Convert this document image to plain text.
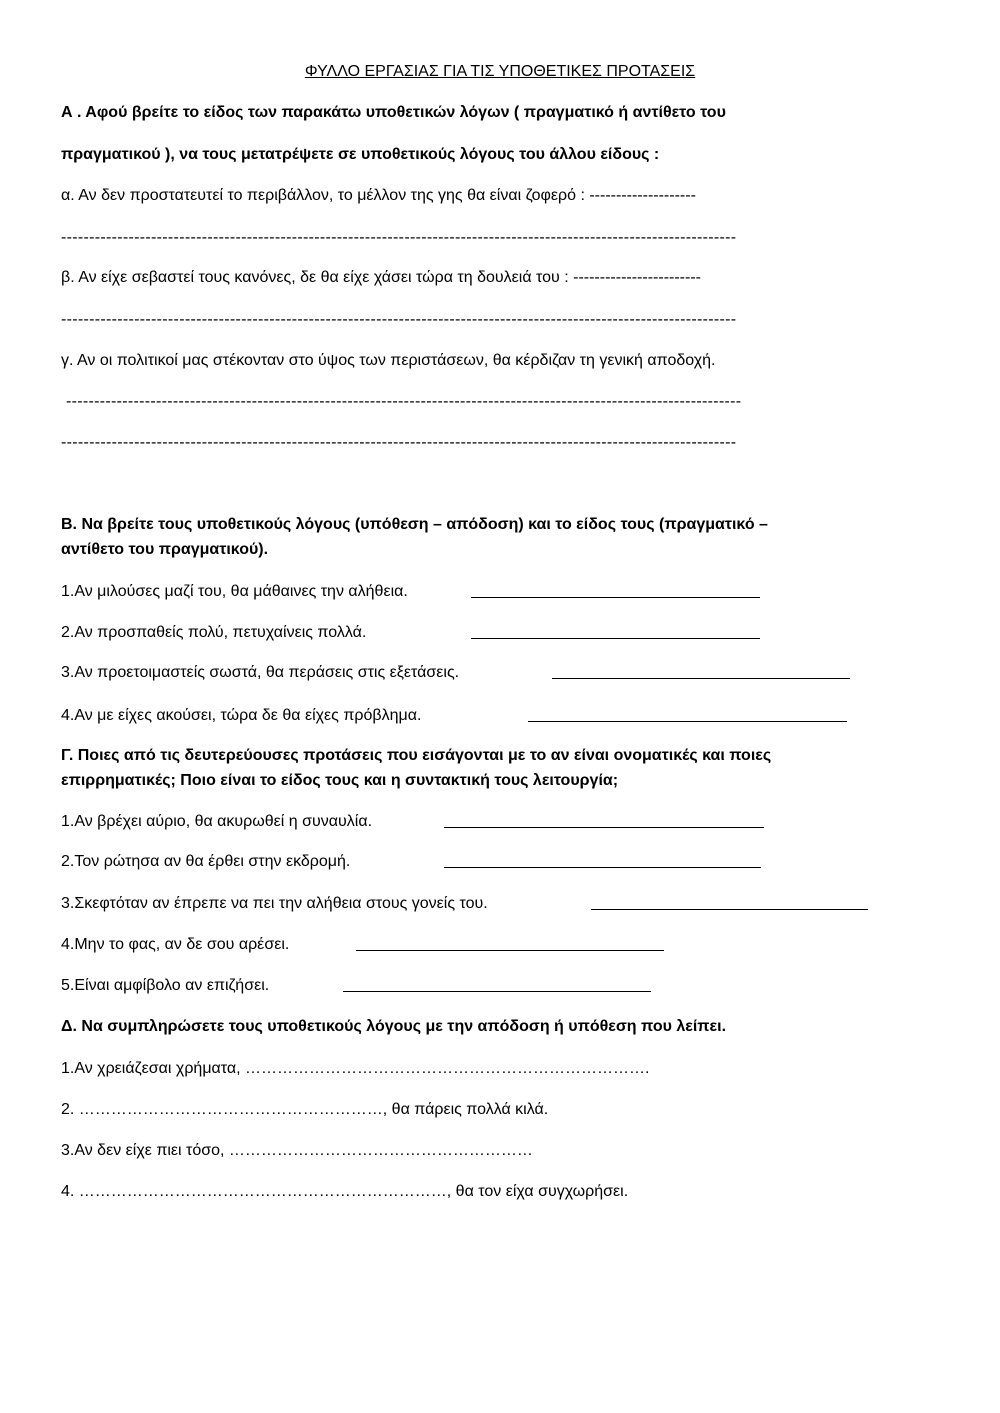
ΦΥΛΛΟ ΕΡΓΑΣΙΑΣ ΓΙΑ ΤΙΣ ΥΠΟΘΕΤΙΚΕΣ ΠΡΟΤΑΣΕΙΣ
Α . Αφού βρείτε το είδος των παρακάτω υποθετικών λόγων ( πραγματικό ή αντίθετο του
πραγματικού ), να τους μετατρέψετε σε υποθετικούς λόγους του άλλου είδους :
α. Αν δεν προστατευτεί το περιβάλλον, το μέλλον της γης θα είναι ζοφερό : --------------------
------------------------------------------------------------------------------------------------------------------------
β. Αν είχε σεβαστεί τους κανόνες, δε θα είχε χάσει τώρα τη δουλειά του : ------------------------
------------------------------------------------------------------------------------------------------------------------
γ. Αν οι πολιτικοί μας στέκονταν στο ύψος των περιστάσεων, θα κέρδιζαν τη γενική αποδοχή.
------------------------------------------------------------------------------------------------------------------------
------------------------------------------------------------------------------------------------------------------------
Β. Να βρείτε τους υποθετικούς λόγους (υπόθεση – απόδοση) και το είδος τους (πραγματικό –
αντίθετο του πραγματικού).
1.Αν μιλούσες μαζί του, θα μάθαινες την αλήθεια.
2.Αν προσπαθείς πολύ, πετυχαίνεις πολλά.
3.Αν προετοιμαστείς σωστά, θα περάσεις στις εξετάσεις.
4.Αν με είχες ακούσει, τώρα δε θα είχες πρόβλημα.
Γ. Ποιες από τις δευτερεύουσες προτάσεις που εισάγονται με το αν είναι ονοματικές και ποιες
επιρρηματικές; Ποιο είναι το είδος τους και η συντακτική τους λειτουργία;
1.Αν βρέχει αύριο, θα ακυρωθεί η συναυλία.
2.Τον ρώτησα αν θα έρθει στην εκδρομή.
3.Σκεφτόταν αν έπρεπε να πει την αλήθεια στους γονείς του.
4.Μην το φας, αν δε σου αρέσει.
5.Είναι αμφίβολο αν επιζήσει.
Δ. Να συμπληρώσετε τους υποθετικούς λόγους με την απόδοση ή υπόθεση που λείπει.
1.Αν χρειάζεσαι χρήματα, ………………………………………………………………….
2. …………………………………………………, θα πάρεις πολλά κιλά.
3.Αν δεν είχε πιει τόσο, …………………………………………………
4. ……………………………………………………………, θα τον είχα συγχωρήσει.
